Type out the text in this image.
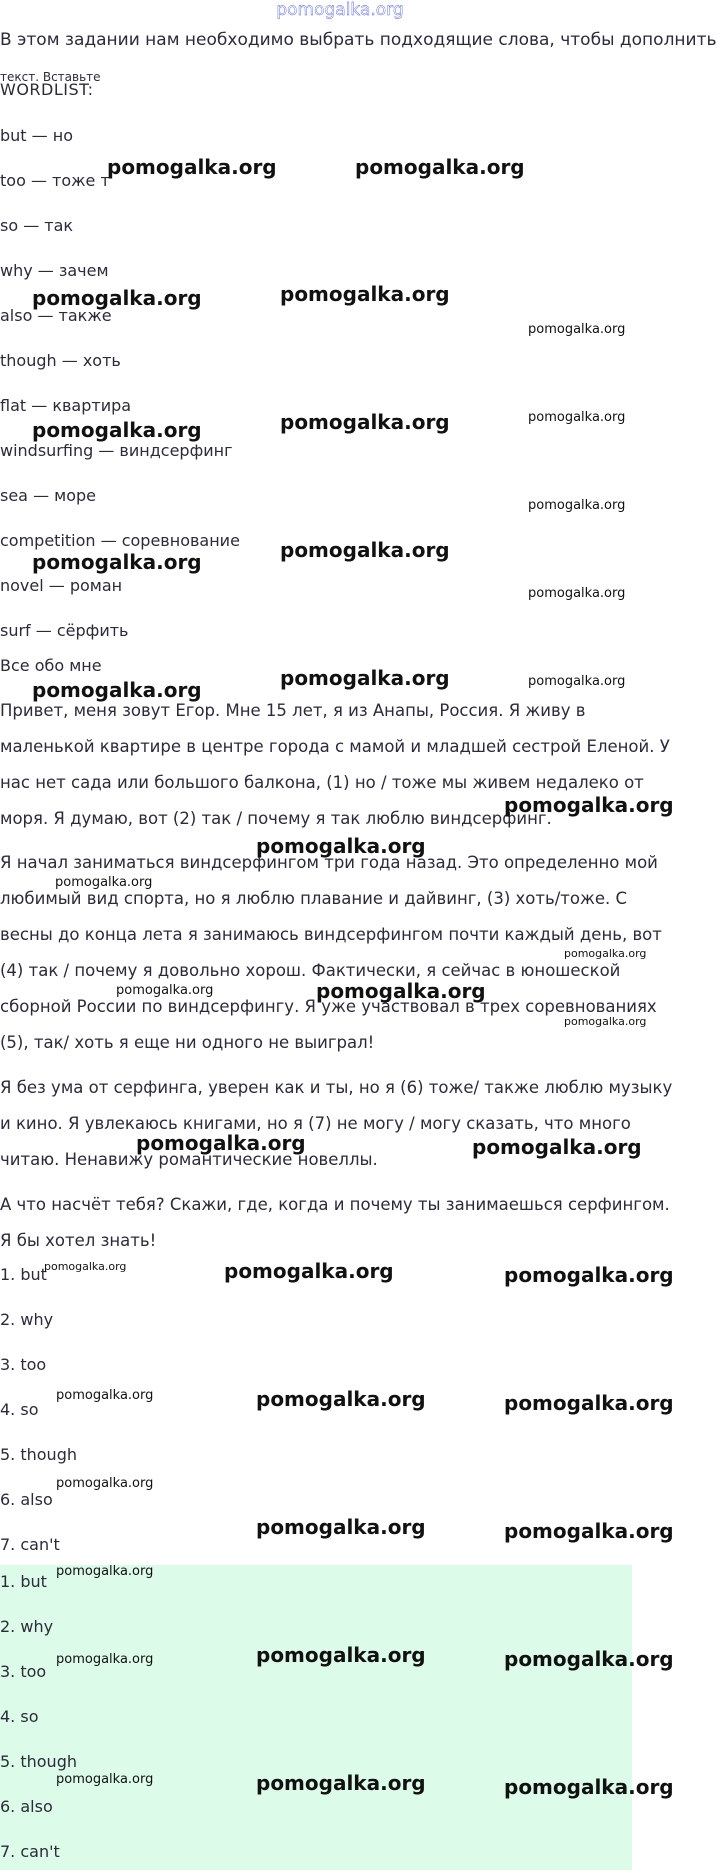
pomogalka.org
В этом задании нам необходимо выбрать подходящие слова, чтобы дополнить
текст. Вставьте
WORDLIST:
but — но
too — тоже т
so — так
why — зачем
also — также
though — хоть
flat — квартира
windsurfing — виндсерфинг
sea — море
competition — соревнование
novel — роман
surf — сёрфить
Все обо мне

Привет, меня зовут Егор. Мне 15 лет, я из Анапы, Россия. Я живу в маленькой квартире в центре города с мамой и младшей сестрой Еленой. У нас нет сада или большого балкона, (1) но / тоже мы живем недалеко от моря. Я думаю, вот (2) так / почему я так люблю виндсерфинг.

Я начал заниматься виндсерфингом три года назад. Это определенно мой любимый вид спорта, но я люблю плавание и дайвинг, (3) хоть/тоже. С весны до конца лета я занимаюсь виндсерфингом почти каждый день, вот (4) так / почему я довольно хорош. Фактически, я сейчас в юношеской сборной России по виндсерфингу. Я уже участвовал в трех соревнованиях (5), так/ хоть я еще ни одного не выиграл!

Я без ума от серфинга, уверен как и ты, но я (6) тоже/ также люблю музыку и кино. Я увлекаюсь книгами, но я (7) не могу / могу сказать, что много читаю. Ненавижу романтические новеллы.

А что насчёт тебя? Скажи, где, когда и почему ты занимаешься серфингом. Я бы хотел знать!

1. but
2. why
3. too
4. so
5. though
6. also
7. can't
1. but
2. why
3. too
4. so
5. though
6. also
7. can't
pomogalka.org	pomogalka.org
pomogalka.org	pomogalka.org
pomogalka.org
pomogalka.org	pomogalka.org	pomogalka.org
pomogalka.org
pomogalka.org	pomogalka.org
pomogalka.org
pomogalka.org	pomogalka.org	pomogalka.org
pomogalka.org
pomogalka.org
pomogalka.org
pomogalka.org
pomogalka.org	pomogalka.org
pomogalka.org
pomogalka.org	pomogalka.org
pomogalka.org	pomogalka.org	pomogalka.org
pomogalka.org	pomogalka.org	pomogalka.org
pomogalka.org
pomogalka.org	pomogalka.org
pomogalka.org
pomogalka.org	pomogalka.org	pomogalka.org
pomogalka.org	pomogalka.org	pomogalka.org
